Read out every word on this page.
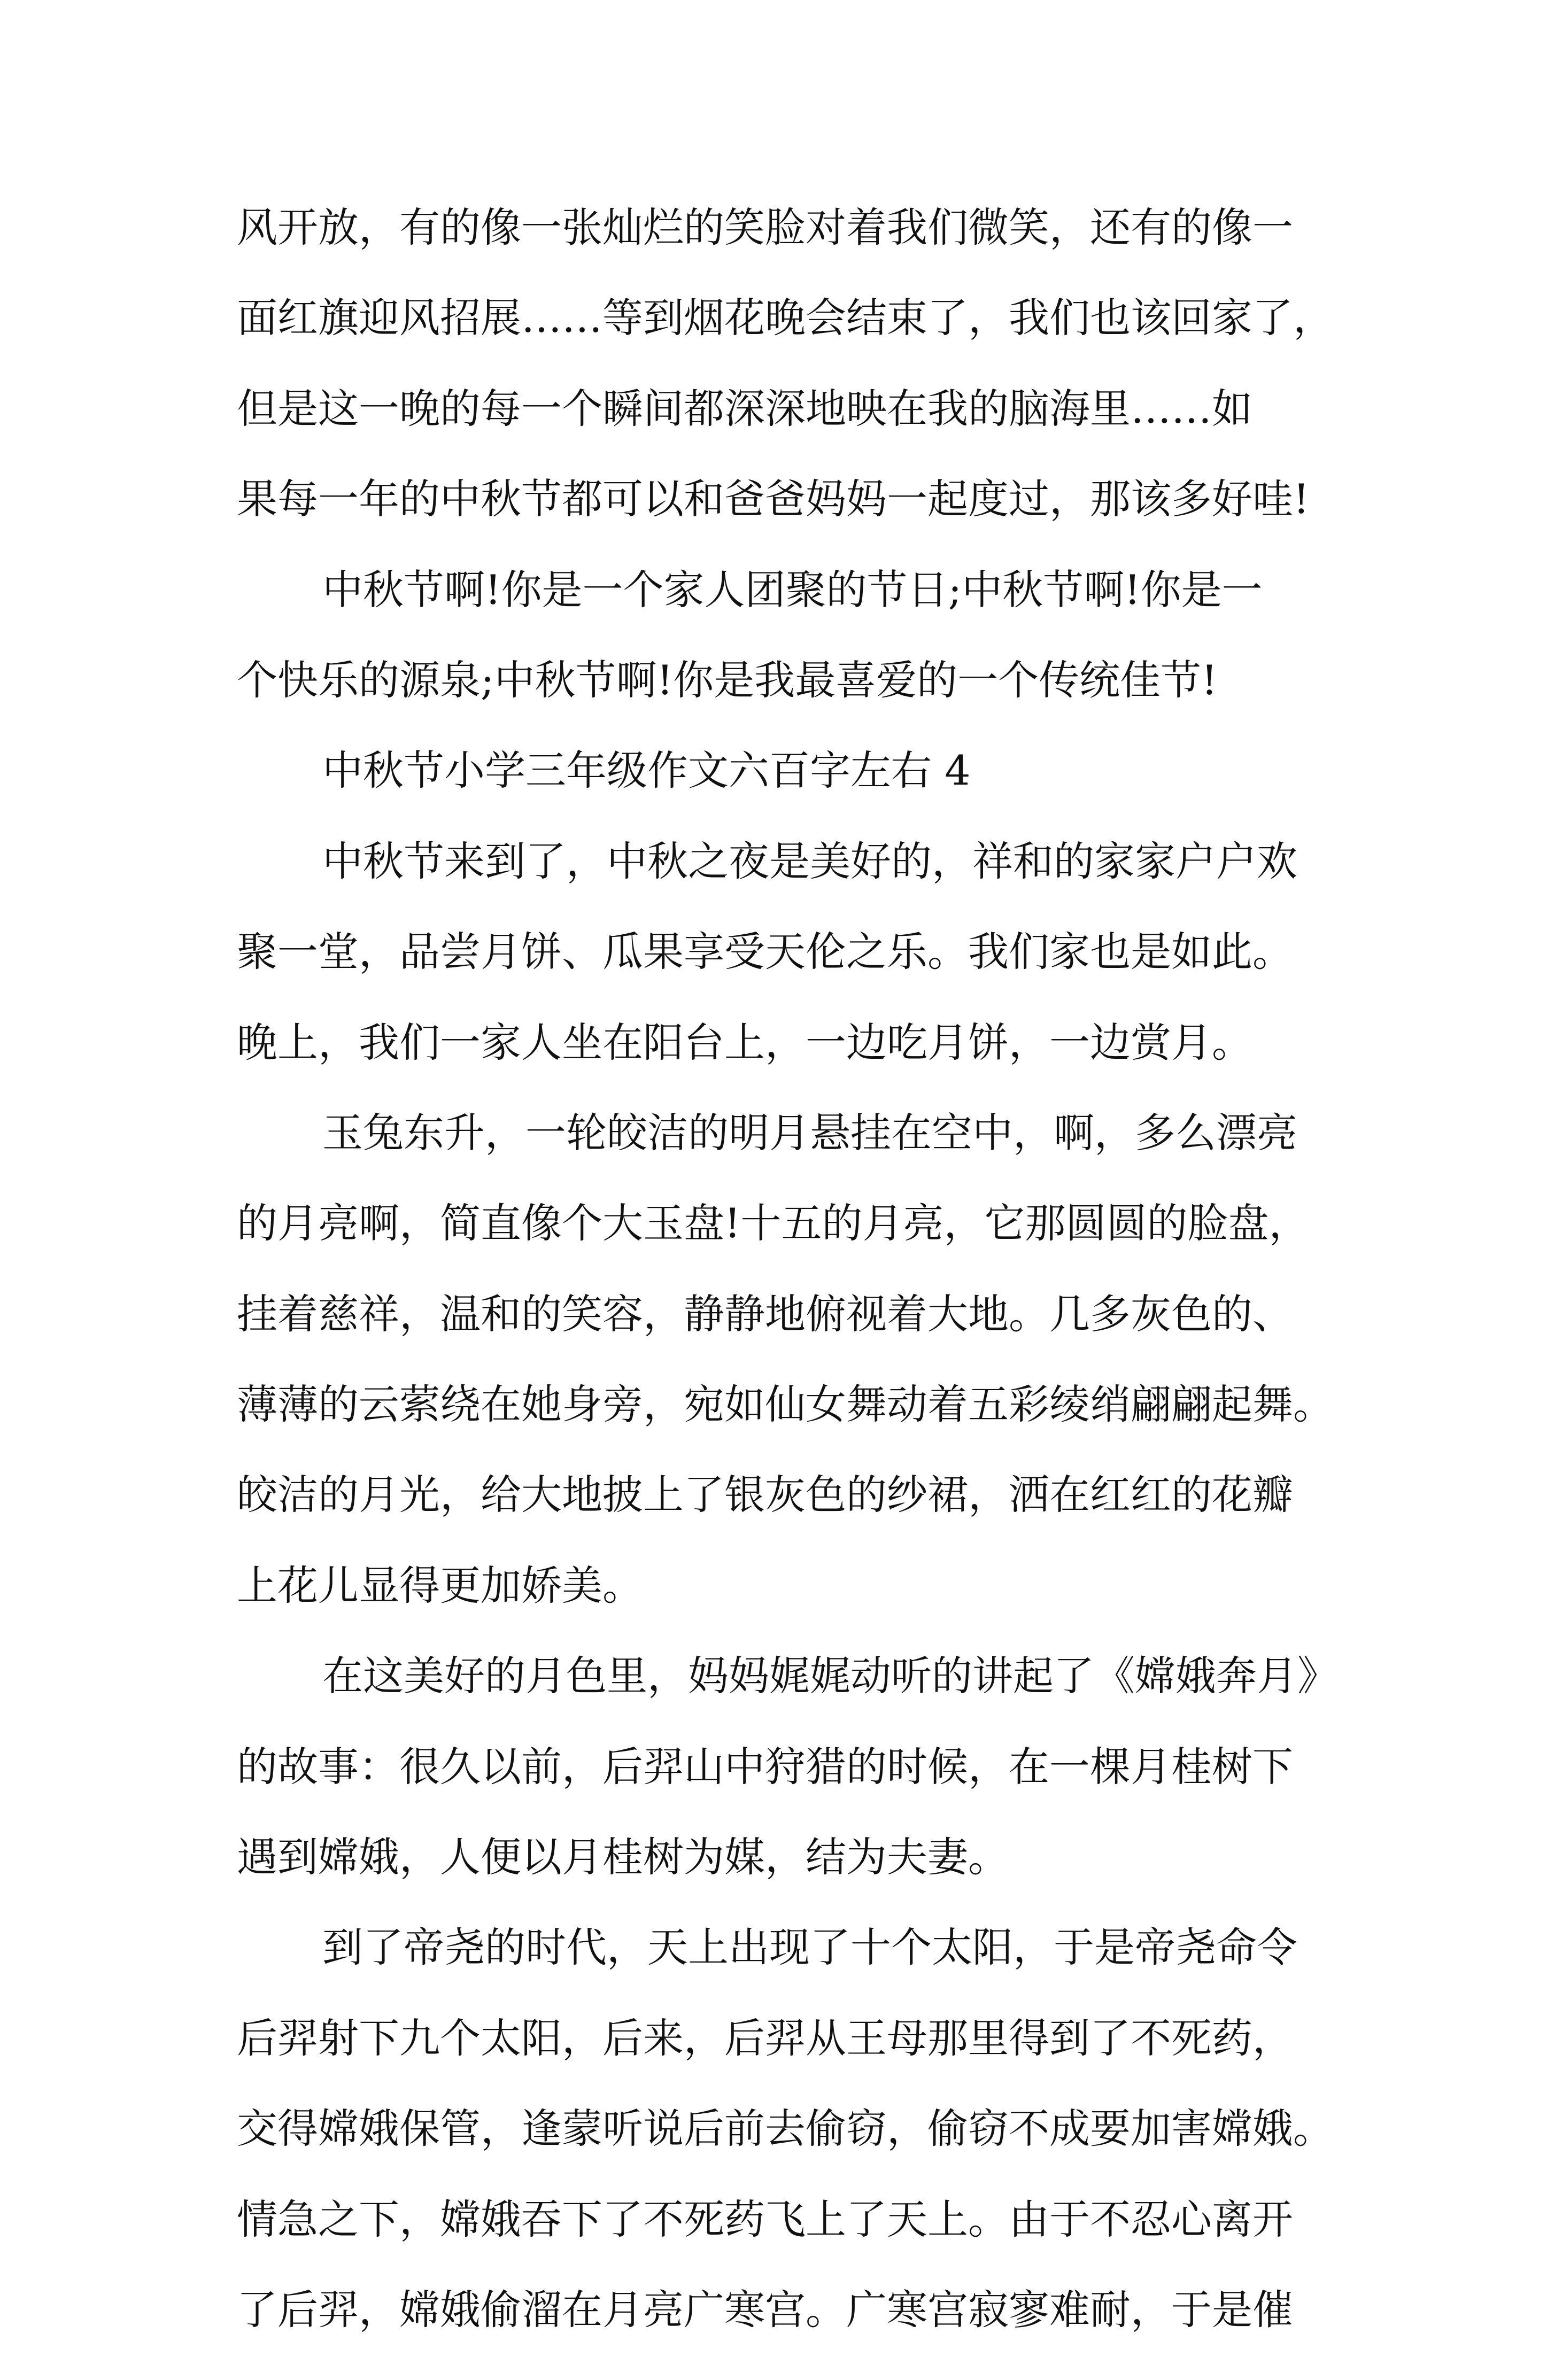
风开放，有的像一张灿烂的笑脸对着我们微笑，还有的像一
面红旗迎风招展……等到烟花晚会结束了，我们也该回家了，
但是这一晚的每一个瞬间都深深地映在我的脑海里……如
果每一年的中秋节都可以和爸爸妈妈一起度过，那该多好哇!
中秋节啊!你是一个家人团聚的节日;中秋节啊!你是一
个快乐的源泉;中秋节啊!你是我最喜爱的一个传统佳节!
中秋节小学三年级作文六百字左右 4
中秋节来到了，中秋之夜是美好的，祥和的家家户户欢
聚一堂，品尝月饼、瓜果享受天伦之乐。我们家也是如此。
晚上，我们一家人坐在阳台上，一边吃月饼，一边赏月。
玉兔东升，一轮皎洁的明月悬挂在空中，啊，多么漂亮
的月亮啊，简直像个大玉盘!十五的月亮，它那圆圆的脸盘，
挂着慈祥，温和的笑容，静静地俯视着大地。几多灰色的、
薄薄的云萦绕在她身旁，宛如仙女舞动着五彩绫绡翩翩起舞。
皎洁的月光，给大地披上了银灰色的纱裙，洒在红红的花瓣
上花儿显得更加娇美。
在这美好的月色里，妈妈娓娓动听的讲起了《嫦娥奔月》
的故事：很久以前，后羿山中狩猎的时候，在一棵月桂树下
遇到嫦娥，人便以月桂树为媒，结为夫妻。
到了帝尧的时代，天上出现了十个太阳，于是帝尧命令
后羿射下九个太阳，后来，后羿从王母那里得到了不死药，
交得嫦娥保管，逢蒙听说后前去偷窃，偷窃不成要加害嫦娥。
情急之下，嫦娥吞下了不死药飞上了天上。由于不忍心离开
了后羿，嫦娥偷溜在月亮广寒宫。广寒宫寂寥难耐，于是催
